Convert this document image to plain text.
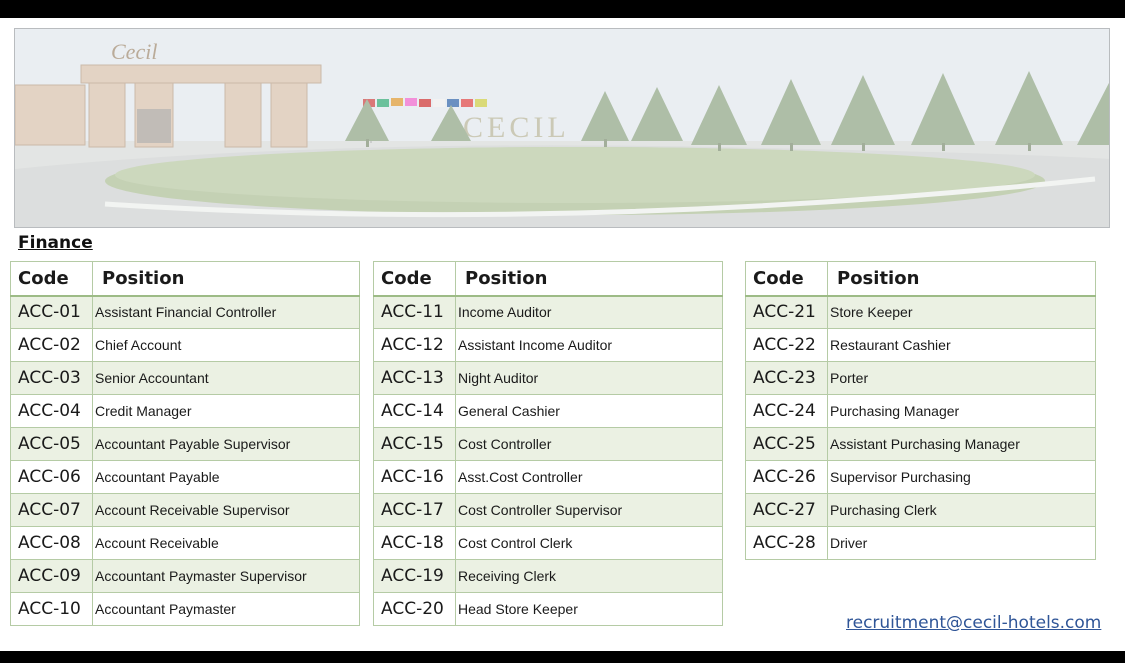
Cecil
CECIL
Finance
Code	Position
ACC-01	Assistant Financial Controller
ACC-02	Chief Account
ACC-03	Senior Accountant
ACC-04	Credit Manager
ACC-05	Accountant Payable Supervisor
ACC-06	Accountant Payable
ACC-07	Account Receivable Supervisor
ACC-08	Account Receivable
ACC-09	Accountant Paymaster Supervisor
ACC-10	Accountant Paymaster
Code	Position
ACC-11	Income Auditor
ACC-12	Assistant Income Auditor
ACC-13	Night Auditor
ACC-14	General Cashier
ACC-15	Cost Controller
ACC-16	Asst.Cost Controller
ACC-17	Cost Controller Supervisor
ACC-18	Cost Control Clerk
ACC-19	Receiving Clerk
ACC-20	Head Store Keeper
Code	Position
ACC-21	Store Keeper
ACC-22	Restaurant Cashier
ACC-23	Porter
ACC-24	Purchasing Manager
ACC-25	Assistant Purchasing Manager
ACC-26	Supervisor Purchasing
ACC-27	Purchasing Clerk
ACC-28	Driver
recruitment@cecil-hotels.com
